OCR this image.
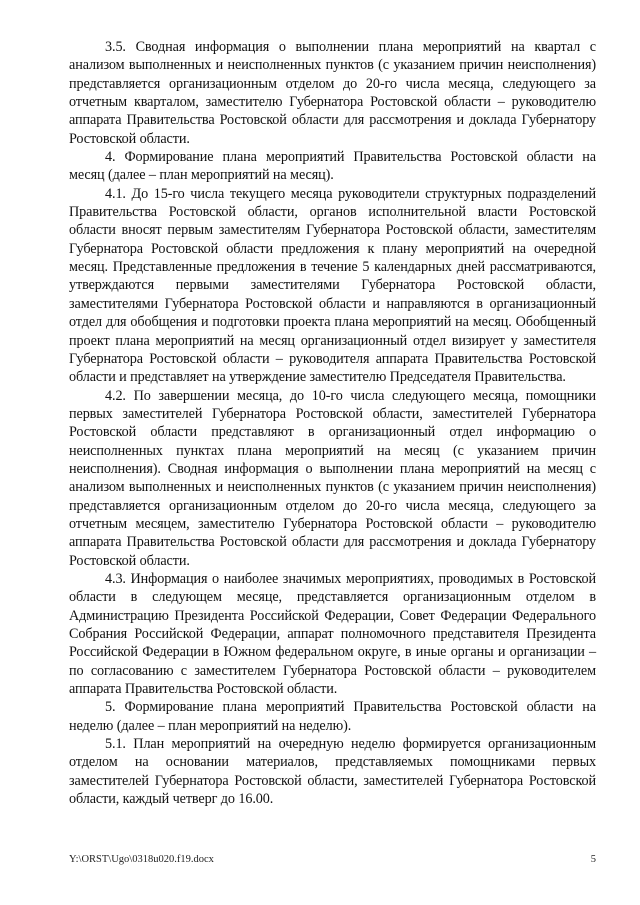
3.5. Сводная информация о выполнении плана мероприятий на квартал с анализом выполненных и неисполненных пунктов (с указанием причин неисполнения) представляется организационным отделом до 20-го числа месяца, следующего за отчетным кварталом, заместителю Губернатора Ростовской области – руководителю аппарата Правительства Ростовской области для рассмотрения и доклада Губернатору Ростовской области.

4. Формирование плана мероприятий Правительства Ростовской области на месяц (далее – план мероприятий на месяц).

4.1. До 15-го числа текущего месяца руководители структурных подразделений Правительства Ростовской области, органов исполнительной власти Ростовской области вносят первым заместителям Губернатора Ростовской области, заместителям Губернатора Ростовской области предложения к плану мероприятий на очередной месяц. Представленные предложения в течение 5 календарных дней рассматриваются, утверждаются первыми заместителями Губернатора Ростовской области, заместителями Губернатора Ростовской области и направляются в организационный отдел для обобщения и подготовки проекта плана мероприятий на месяц. Обобщенный проект плана мероприятий на месяц организационный отдел визирует у заместителя Губернатора Ростовской области – руководителя аппарата Правительства Ростовской области и представляет на утверждение заместителю Председателя Правительства.

4.2. По завершении месяца, до 10-го числа следующего месяца, помощники первых заместителей Губернатора Ростовской области, заместителей Губернатора Ростовской области представляют в организационный отдел информацию о неисполненных пунктах плана мероприятий на месяц (с указанием причин неисполнения). Сводная информация о выполнении плана мероприятий на месяц с анализом выполненных и неисполненных пунктов (с указанием причин неисполнения) представляется организационным отделом до 20-го числа месяца, следующего за отчетным месяцем, заместителю Губернатора Ростовской области – руководителю аппарата Правительства Ростовской области для рассмотрения и доклада Губернатору Ростовской области.

4.3. Информация о наиболее значимых мероприятиях, проводимых в Ростовской области в следующем месяце, представляется организационным отделом в Администрацию Президента Российской Федерации, Совет Федерации Федерального Собрания Российской Федерации, аппарат полномочного представителя Президента Российской Федерации в Южном федеральном округе, в иные органы и организации – по согласованию с заместителем Губернатора Ростовской области – руководителем аппарата Правительства Ростовской области.

5. Формирование плана мероприятий Правительства Ростовской области на неделю (далее – план мероприятий на неделю).

5.1. План мероприятий на очередную неделю формируется организационным отделом на основании материалов, представляемых помощниками первых заместителей Губернатора Ростовской области, заместителей Губернатора Ростовской области, каждый четверг до 16.00.

Y:\ORST\Ugo\0318u020.f19.docx	5
